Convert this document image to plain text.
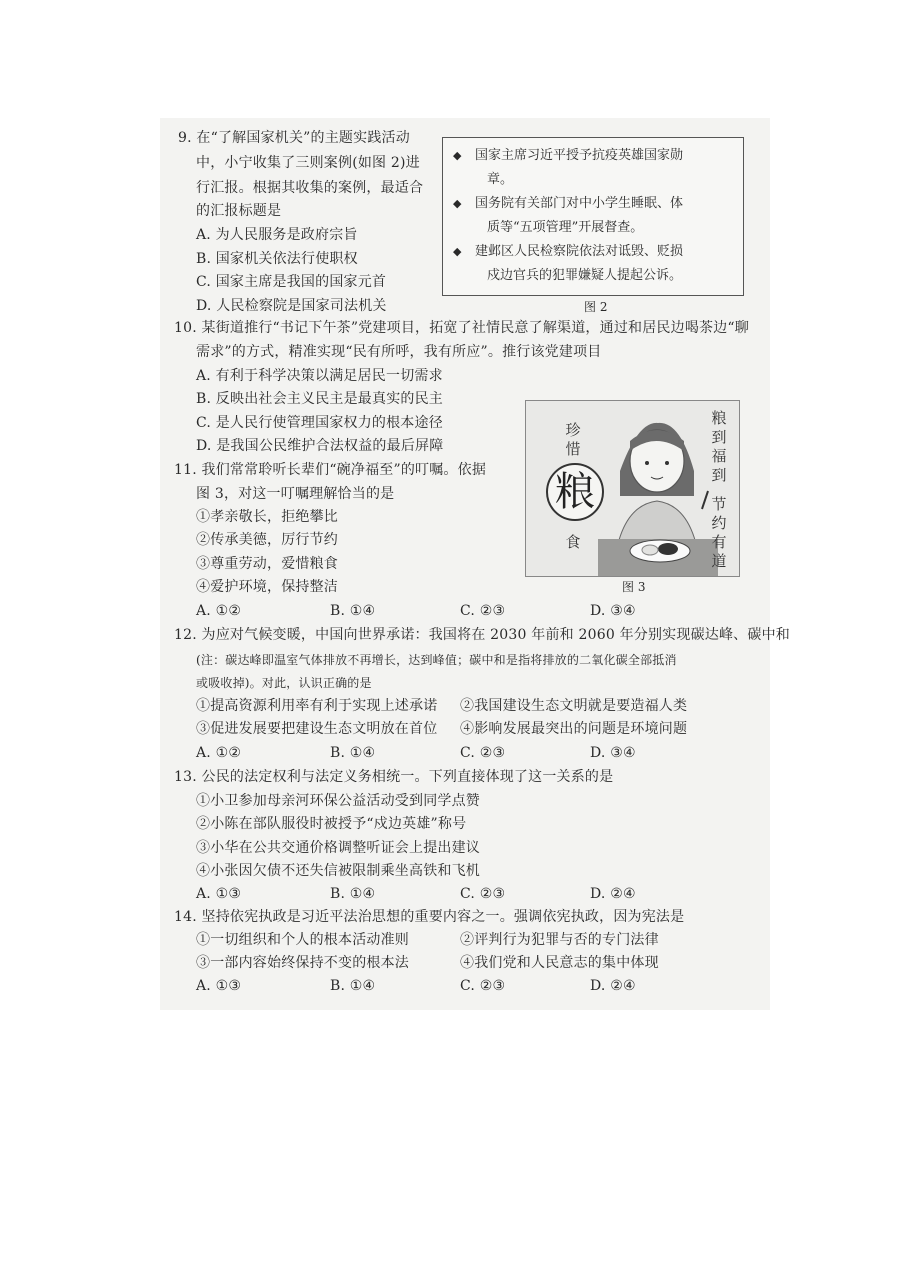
9. 在“了解国家机关”的主题实践活动
中，小宁收集了三则案例(如图 2)进
行汇报。根据其收集的案例，最适合
的汇报标题是
A. 为人民服务是政府宗旨
B. 国家机关依法行使职权
C. 国家主席是我国的国家元首
D. 人民检察院是国家司法机关
◆ 国家主席习近平授予抗疫英雄国家勋
章。
◆ 国务院有关部门对中小学生睡眠、体
质等“五项管理”开展督查。
◆ 建邺区人民检察院依法对诋毁、贬损
戍边官兵的犯罪嫌疑人提起公诉。
图 2
10. 某街道推行“书记下午茶”党建项目，拓宽了社情民意了解渠道，通过和居民边喝茶边“聊
需求”的方式，精准实现“民有所呼，我有所应”。推行该党建项目
A. 有利于科学决策以满足居民一切需求
B. 反映出社会主义民主是最真实的民主
C. 是人民行使管理国家权力的根本途径
D. 是我国公民维护合法权益的最后屏障
珍惜
粮
食
粮到福到
节约有道
图 3
11. 我们常常聆听长辈们“碗净福至”的叮嘱。依据
图 3，对这一叮嘱理解恰当的是
①孝亲敬长，拒绝攀比
②传承美德，厉行节约
③尊重劳动，爱惜粮食
④爱护环境，保持整洁
A. ①②	B. ①④	C. ②③	D. ③④
12. 为应对气候变暖，中国向世界承诺：我国将在 2030 年前和 2060 年分别实现碳达峰、碳中和
(注：碳达峰即温室气体排放不再增长，达到峰值；碳中和是指将排放的二氧化碳全部抵消
或吸收掉)。对此，认识正确的是
①提高资源利用率有利于实现上述承诺 ②我国建设生态文明就是要造福人类
③促进发展要把建设生态文明放在首位 ④影响发展最突出的问题是环境问题
A. ①②	B. ①④	C. ②③	D. ③④
13. 公民的法定权利与法定义务相统一。下列直接体现了这一关系的是
①小卫参加母亲河环保公益活动受到同学点赞
②小陈在部队服役时被授予“戍边英雄”称号
③小华在公共交通价格调整听证会上提出建议
④小张因欠债不还失信被限制乘坐高铁和飞机
A. ①③	B. ①④	C. ②③	D. ②④
14. 坚持依宪执政是习近平法治思想的重要内容之一。强调依宪执政，因为宪法是
①一切组织和个人的根本活动准则	②评判行为犯罪与否的专门法律
③一部内容始终保持不变的根本法	④我们党和人民意志的集中体现
A. ①③	B. ①④	C. ②③	D. ②④
